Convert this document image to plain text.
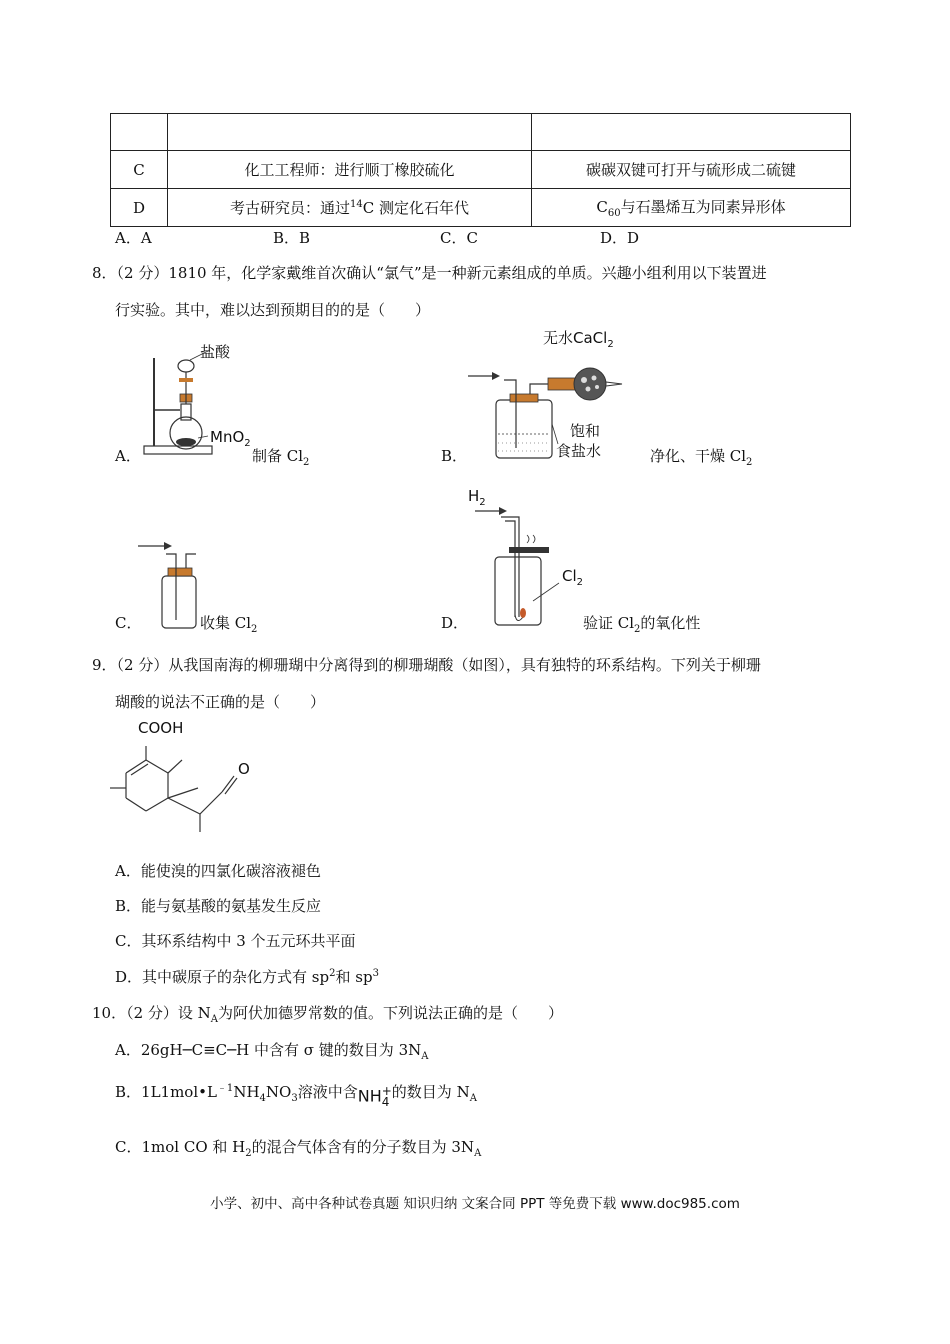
C	化工工程师：进行顺丁橡胶硫化	碳碳双键可打开与硫形成二硫键
D	考古研究员：通过$^{14}$C 测定化石年代	$C_{60}$与石墨烯互为同素异形体
A．A	B．B	C．C	D．D
8．（2 分）1810 年，化学家戴维首次确认“氯气”是一种新元素组成的单质。兴趣小组利用以下装置进
行实验。其中，难以达到预期目的的是（　　）
盐酸
MnO$_2$
A．	制备 $Cl_2$
无水CaCl$_2$
饱和
食盐水
B．	净化、干燥 $Cl_2$
C．	收集 $Cl_2$
$H_2$
$Cl_2$
D．	验证 $Cl_2$的氧化性
9．（2 分）从我国南海的柳珊瑚中分离得到的柳珊瑚酸（如图），具有独特的环系结构。下列关于柳珊
瑚酸的说法不正确的是（　　）
COOH
O
A．能使溴的四氯化碳溶液褪色
B．能与氨基酸的氨基发生反应
C．其环系结构中 3 个五元环共平面
D．其中碳原子的杂化方式有 $sp^2$和 $sp^3$
10．（2 分）设 $N_A$为阿伏加德罗常数的值。下列说法正确的是（　　）
A．26gH─C≡C─H 中含有 σ 键的数目为 $3N_A$
B．$1L1mol•L^{﹣1}NH_4NO_3$溶液中含NH +
4
的数目为 $N_A$
C．1mol CO 和 $H_2$的混合气体含有的分子数目为 $3N_A$
小学、初中、高中各种试卷真题 知识归纳 文案合同 PPT 等免费下载 www.doc985.com
